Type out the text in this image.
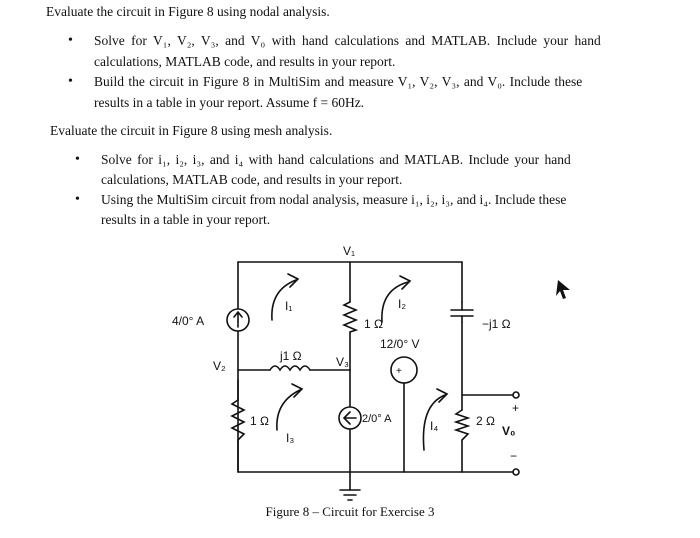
Evaluate the circuit in Figure 8 using nodal analysis.
• Solve for V₁, V₂, V₃, and V₀ with hand calculations and MATLAB. Include your hand
calculations, MATLAB code, and results in your report.
• Build the circuit in Figure 8 in MultiSim and measure V₁, V₂, V₃, and V₀. Include these
results in a table in your report. Assume f = 60Hz.
Evaluate the circuit in Figure 8 using mesh analysis.
• Solve for i₁, i₂, i₃, and i₄ with hand calculations and MATLAB. Include your hand
calculations, MATLAB code, and results in your report.
• Using the MultiSim circuit from nodal analysis, measure i₁, i₂, i₃, and i₄. Include these
results in a table in your report.
V₁
V₂	V₃
4/0° A
12/0° V
1 Ω
1 Ω	2 Ω
j1 Ω
−j1 Ω
V₀
+
−
+
2/0° A
I₁	I₂
I₃
I₄
Figure 8 – Circuit for Exercise 3
